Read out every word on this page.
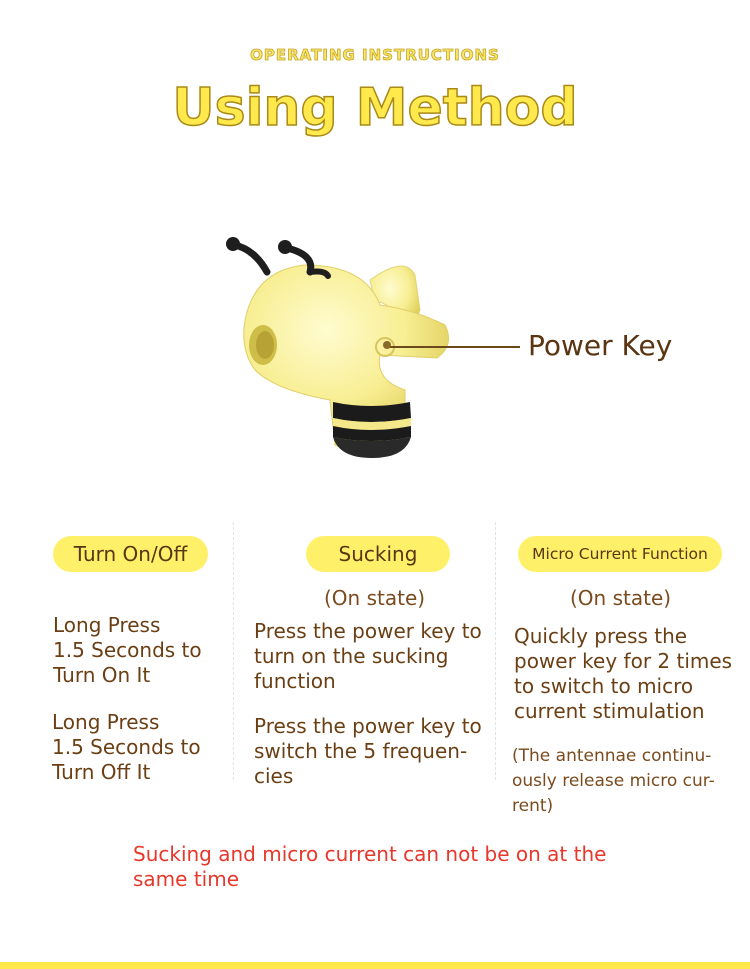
OPERATING INSTRUCTIONS
Using Method
Power Key
Turn On/Off
Long Press
1.5 Seconds to
Turn On It
Long Press
1.5 Seconds to
Turn Off It
Sucking
(On state)
Press the power key to
turn on the sucking
function
Press the power key to
switch the 5 frequen-
cies
Micro Current Function
(On state)
Quickly press the
power key for 2 times
to switch to micro
current stimulation
(The antennae continu-
ously release micro cur-
rent)
Sucking and micro current can not be on at the
same time
